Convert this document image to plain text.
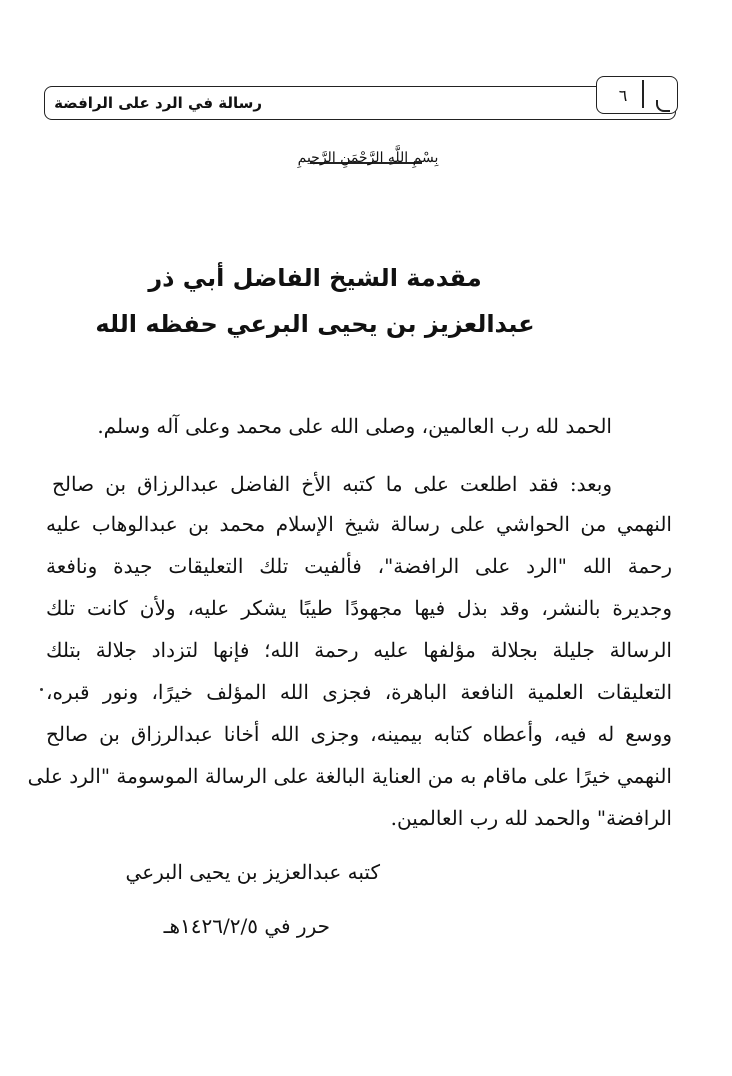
رسالة في الرد على الرافضة	٦
بِسْمِ اللَّهِ الرَّحْمَنِ الرَّحِيمِ
مقدمة الشيخ الفاضل أبي ذر
عبدالعزيز بن يحيى البرعي حفظه الله
الحمد لله رب العالمين، وصلى الله على محمد وعلى آله وسلم.
وبعد: فقد اطلعت على ما كتبه الأخ الفاضل عبدالرزاق بن صالح
النهمي من الحواشي على رسالة شيخ الإسلام محمد بن عبدالوهاب عليه
رحمة الله "الرد على الرافضة"، فألفيت تلك التعليقات جيدة ونافعة
وجديرة بالنشر، وقد بذل فيها مجهودًا طيبًا يشكر عليه، ولأن كانت تلك
الرسالة جليلة بجلالة مؤلفها عليه رحمة الله؛ فإنها لتزداد جلالة بتلك
التعليقات العلمية النافعة الباهرة، فجزى الله المؤلف خيرًا، ونور قبره،
ووسع له فيه، وأعطاه كتابه بيمينه، وجزى الله أخانا عبدالرزاق بن صالح
النهمي خيرًا على ماقام به من العناية البالغة على الرسالة الموسومة "الرد على
الرافضة" والحمد لله رب العالمين.
كتبه عبدالعزيز بن يحيى البرعي
حرر في ١٤٢٦/٢/٥هـ
